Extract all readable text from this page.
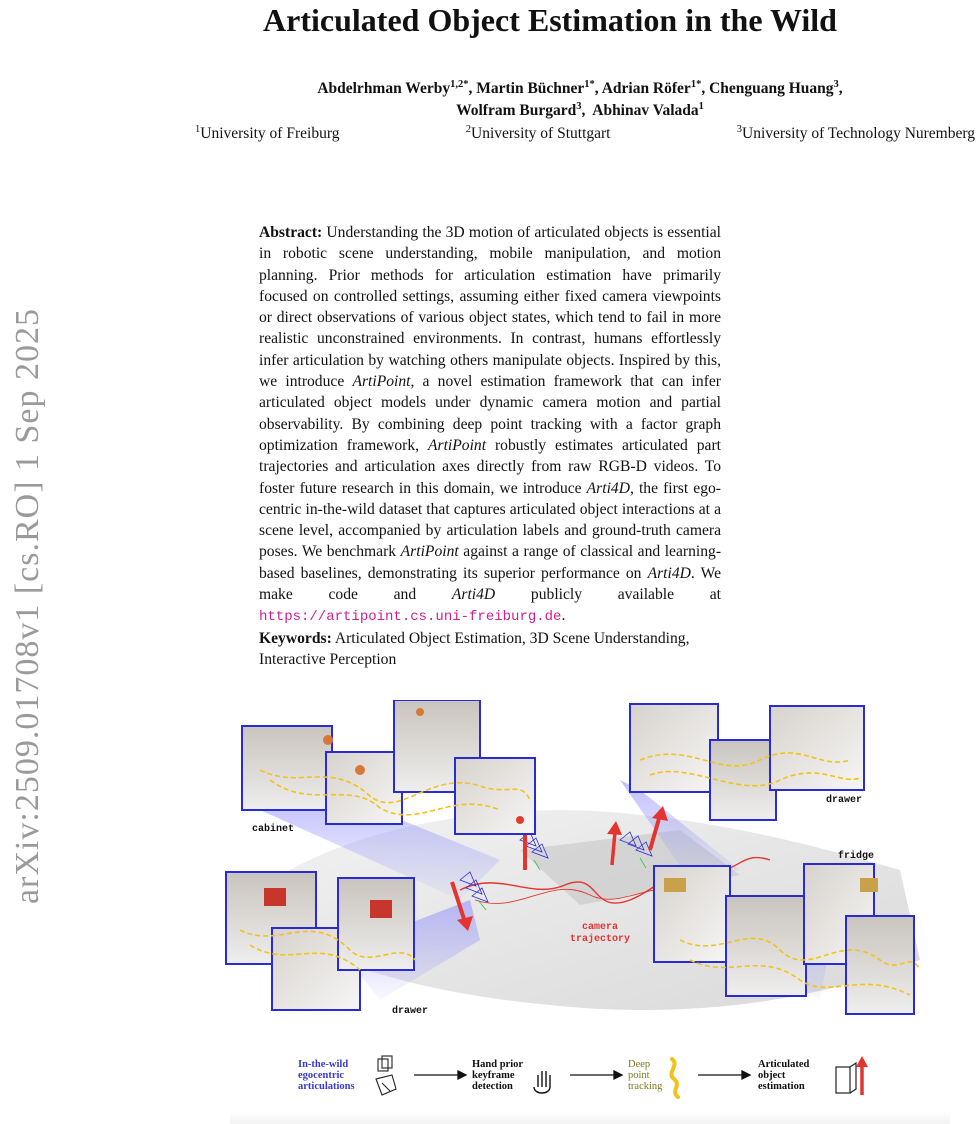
arXiv:2509.01708v1 [cs.RO] 1 Sep 2025
Articulated Object Estimation in the Wild
Abdelrhman Werby$^{1,2*}$, Martin Büchner$^{1*}$, Adrian Röfer$^{1*}$, Chenguang Huang$^3$,
Wolfram Burgard$^3$,  Abhinav Valada$^1$
$^1$University of Freiburg	$^2$University of Stuttgart	$^3$University of Technology Nuremberg
Abstract: Understanding the 3D motion of articulated objects is essential in robotic scene understanding, mobile manipulation, and motion planning. Prior methods for articulation estimation have primarily focused on controlled settings, assuming either fixed camera viewpoints or direct observations of various object states, which tend to fail in more realistic unconstrained environments. In contrast, humans effortlessly infer articulation by watching others manipulate objects. Inspired by this, we introduce ArtiPoint, a novel estimation framework that can infer articulated object models under dynamic camera motion and partial observability. By combining deep point tracking with a factor graph optimization framework, ArtiPoint robustly estimates articulated part trajectories and articulation axes directly from raw RGB-D videos. To foster future research in this domain, we introduce Arti4D, the first ego-centric in-the-wild dataset that captures articulated object interactions at a scene level, accompanied by articulation labels and ground-truth camera poses. We benchmark ArtiPoint against a range of classical and learning-based baselines, demonstrating its superior performance on Arti4D. We make code and Arti4D publicly available at https://artipoint.cs.uni-freiburg.de.
Keywords: Articulated Object Estimation, 3D Scene Understanding, Interactive Perception
cabinet
drawer
fridge
drawer
camera
trajectory
In-the-wild
egocentric
articulations
Hand prior
keyframe
detection
Deep
point
tracking
Articulated
object
estimation
